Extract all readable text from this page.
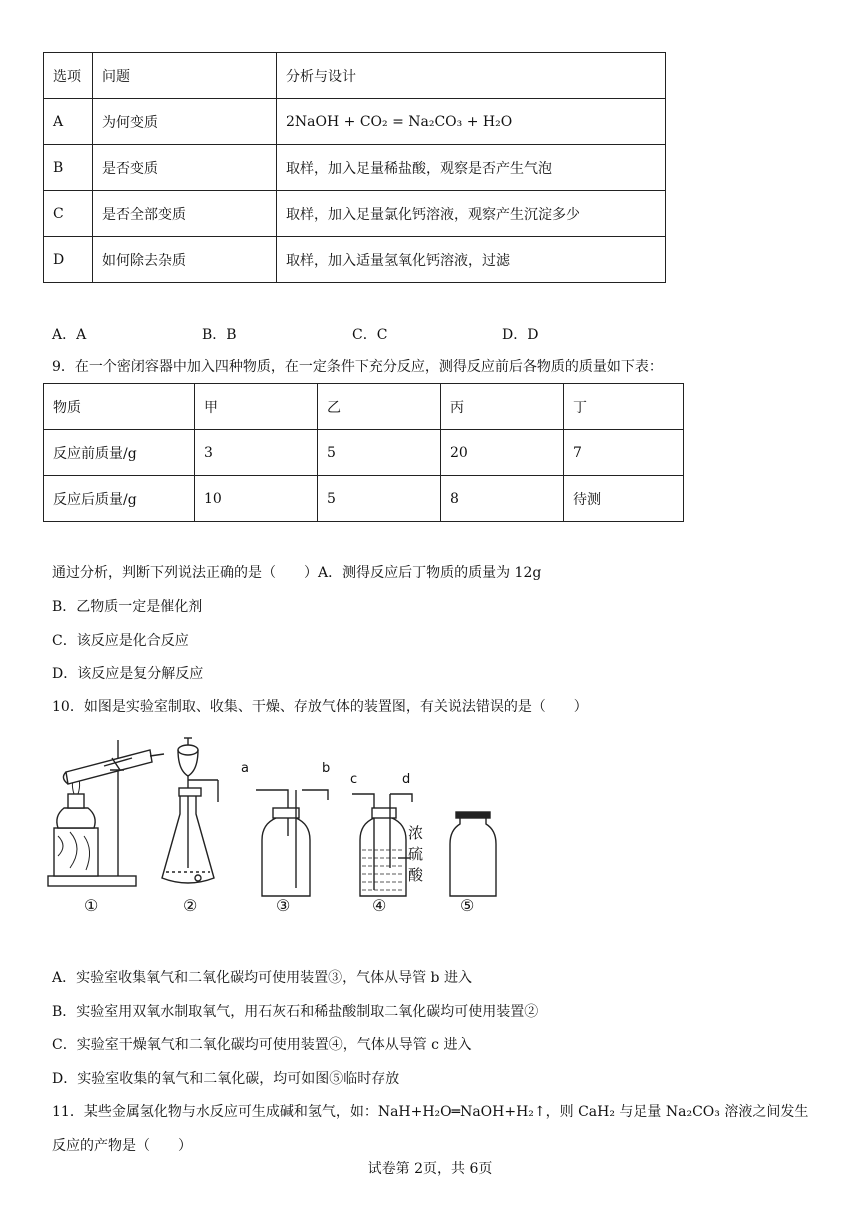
选项	问题	分析与设计
A	为何变质	2NaOH + CO₂ = Na₂CO₃ + H₂O
B	是否变质	取样，加入足量稀盐酸，观察是否产生气泡
C	是否全部变质	取样，加入足量氯化钙溶液，观察产生沉淀多少
D	如何除去杂质	取样，加入适量氢氧化钙溶液，过滤
A．A	B．B	C．C	D．D
9．在一个密闭容器中加入四种物质，在一定条件下充分反应，测得反应前后各物质的质量如下表：
物质	甲	乙	丙	丁
反应前质量/g	3	5	20	7
反应后质量/g	10	5	8	待测
通过分析，判断下列说法正确的是（　　）A．测得反应后丁物质的质量为 12g
B．乙物质一定是催化剂
C．该反应是化合反应
D．该反应是复分解反应
10．如图是实验室制取、收集、干燥、存放气体的装置图，有关说法错误的是（　　）
a	b
c	d
浓
硫
酸
①	②	③	④	⑤
A．实验室收集氧气和二氧化碳均可使用装置③，气体从导管 b 进入
B．实验室用双氧水制取氧气，用石灰石和稀盐酸制取二氧化碳均可使用装置②
C．实验室干燥氧气和二氧化碳均可使用装置④，气体从导管 c 进入
D．实验室收集的氧气和二氧化碳，均可如图⑤临时存放
11．某些金属氢化物与水反应可生成碱和氢气，如：NaH+H₂O═NaOH+H₂↑，则 CaH₂ 与足量 Na₂CO₃ 溶液之间发生
反应的产物是（　　）
试卷第 2页，共 6页
